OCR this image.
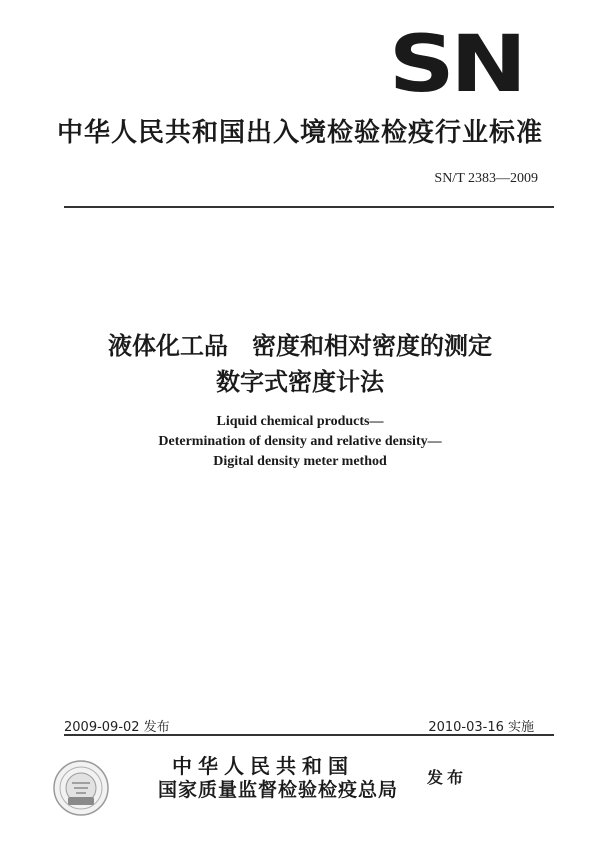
SN
中华人民共和国出入境检验检疫行业标准
SN/T 2383—2009
液体化工品　密度和相对密度的测定
数字式密度计法
Liquid chemical products—
Determination of density and relative density—
Digital density meter method
2009-09-02 发布	2010-03-16 实施
中华人民共和国
国家质量监督检验检疫总局
发布
